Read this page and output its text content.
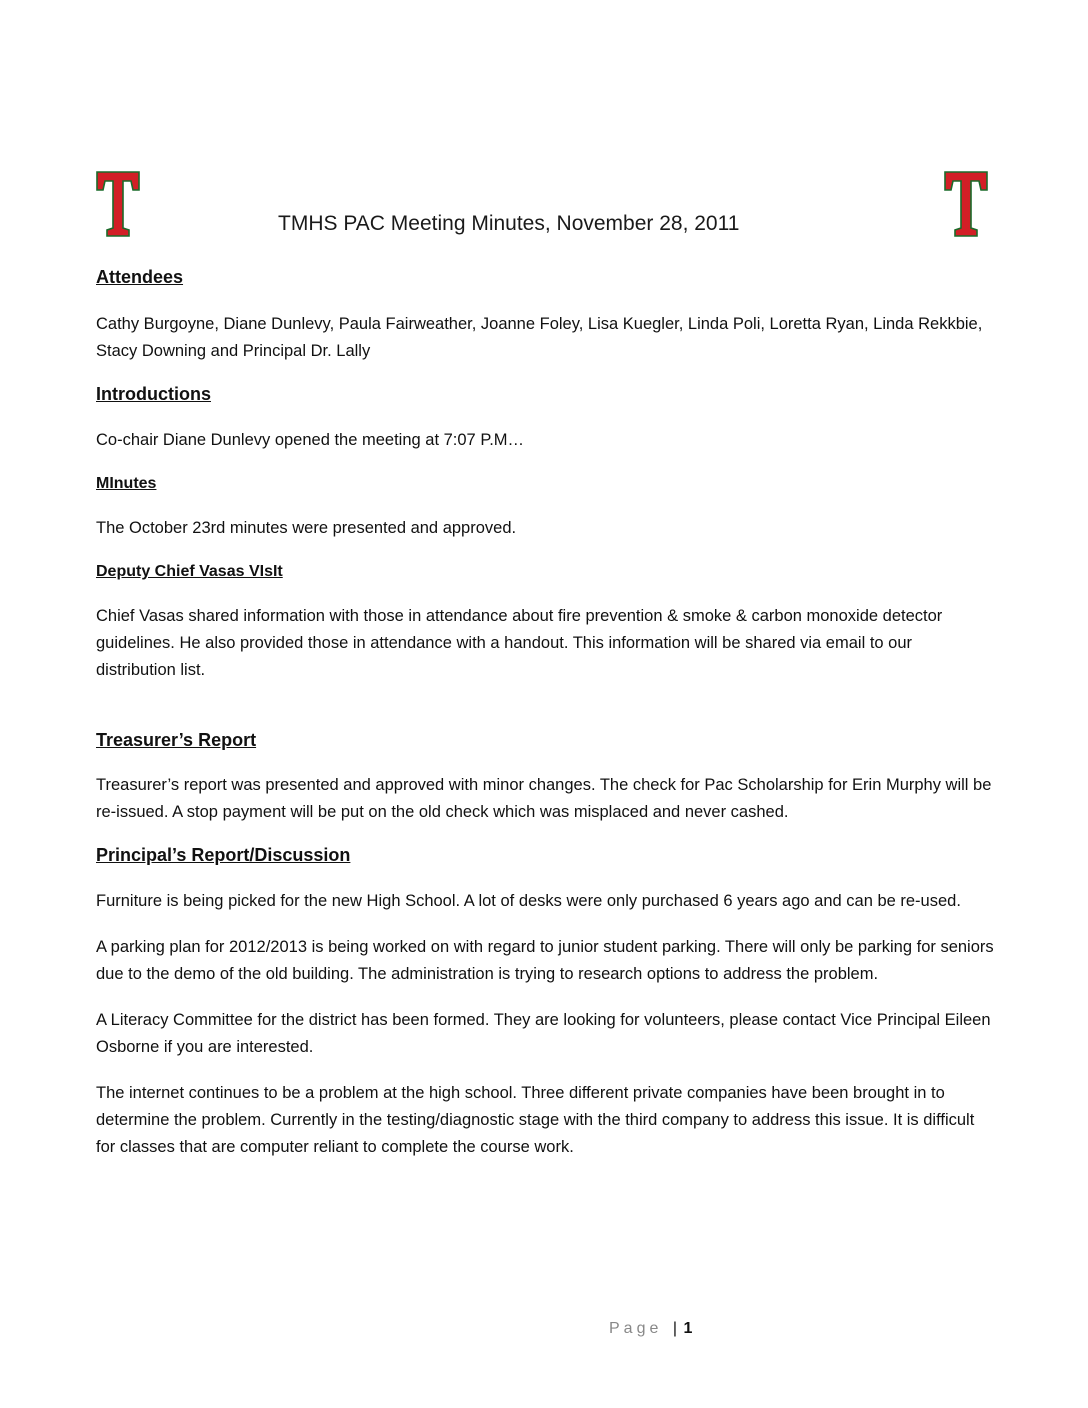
TMHS PAC Meeting Minutes, November 28, 2011
Attendees

Cathy Burgoyne, Diane Dunlevy, Paula Fairweather, Joanne Foley, Lisa Kuegler, Linda Poli, Loretta Ryan, Linda Rekkbie, Stacy Downing and Principal Dr. Lally

Introductions

Co-chair Diane Dunlevy opened the meeting at 7:07 P.M…

MInutes

The October 23rd minutes were presented and approved.

Deputy Chief Vasas VIsIt

Chief Vasas shared information with those in attendance about fire prevention & smoke & carbon monoxide detector guidelines. He also provided those in attendance with a handout. This information will be shared via email to our distribution list.

Treasurer’s Report

Treasurer’s report was presented and approved with minor changes. The check for Pac Scholarship for Erin Murphy will be re-issued. A stop payment will be put on the old check which was misplaced and never cashed.

Principal’s Report/Discussion

Furniture is being picked for the new High School. A lot of desks were only purchased 6 years ago and can be re-used.

A parking plan for 2012/2013 is being worked on with regard to junior student parking. There will only be parking for seniors due to the demo of the old building. The administration is trying to research options to address the problem.

A Literacy Committee for the district has been formed. They are looking for volunteers, please contact Vice Principal Eileen Osborne if you are interested.

The internet continues to be a problem at the high school. Three different private companies have been brought in to determine the problem. Currently in the testing/diagnostic stage with the third company to address this issue. It is difficult for classes that are computer reliant to complete the course work.

Page | 1
